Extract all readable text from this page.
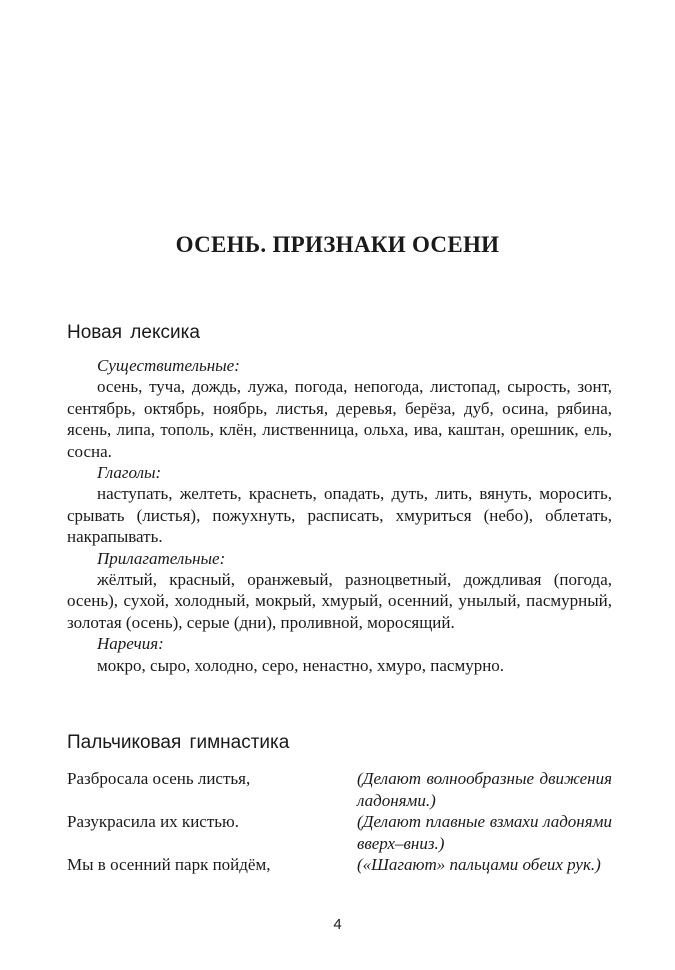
ОСЕНЬ. ПРИЗНАКИ ОСЕНИ
Новая лексика
Существительные:

осень, туча, дождь, лужа, погода, непогода, листопад, сырость, зонт, сентябрь, октябрь, ноябрь, листья, деревья, берёза, дуб, осина, рябина, ясень, липа, тополь, клён, лиственница, ольха, ива, каштан, орешник, ель, сосна.

Глаголы:

наступать, желтеть, краснеть, опадать, дуть, лить, вянуть, моросить, срывать (листья), пожухнуть, расписать, хмуриться (небо), облетать, накрапывать.

Прилагательные:

жёлтый, красный, оранжевый, разноцветный, дождливая (погода, осень), сухой, холодный, мокрый, хмурый, осенний, унылый, пасмурный, золотая (осень), серые (дни), проливной, моросящий.

Наречия:

мокро, сыро, холодно, серо, ненастно, хмуро, пасмурно.

Пальчиковая гимнастика
Разбросала осень листья,	(Делают волнообразные движения ладонями.)
Разукрасила их кистью.	(Делают плавные взмахи ладонями вверх–вниз.)
Мы в осенний парк пойдём,	(«Шагают» пальцами обеих рук.)
4
